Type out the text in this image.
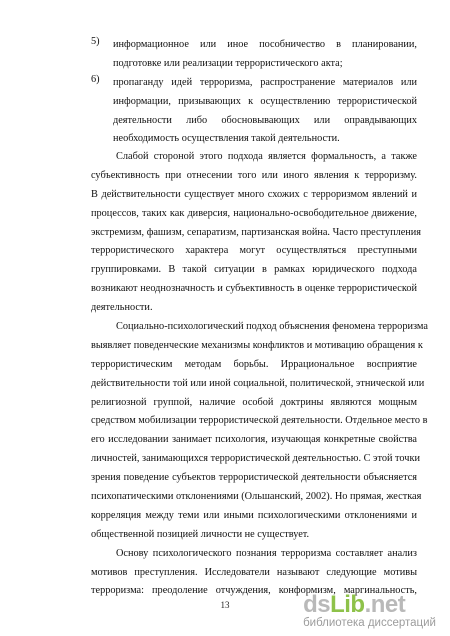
5) информационное или иное пособничество в планировании,
подготовке или реализации террористического акта;
6) пропаганду идей терроризма, распространение материалов или
информации, призывающих к осуществлению террористической
деятельности либо обосновывающих или оправдывающих
необходимость осуществления такой деятельности.
Слабой стороной этого подхода является формальность, а также
субъективность при отнесении того или иного явления к терроризму.
В действительности существует много схожих с терроризмом явлений и
процессов, таких как диверсия, национально-освободительное движение,
экстремизм, фашизм, сепаратизм, партизанская война. Часто преступления
террористического характера могут осуществляться преступными
группировками. В такой ситуации в рамках юридического подхода
возникают неоднозначность и субъективность в оценке террористической
деятельности.
Социально-психологический подход объяснения феномена терроризма
выявляет поведенческие механизмы конфликтов и мотивацию обращения к
террористическим методам борьбы. Иррациональное восприятие
действительности той или иной социальной, политической, этнической или
религиозной группой, наличие особой доктрины являются мощным
средством мобилизации террористической деятельности. Отдельное место в
его исследовании занимает психология, изучающая конкретные свойства
личностей, занимающихся террористической деятельностью. С этой точки
зрения поведение субъектов террористической деятельности объясняется
психопатическими отклонениями (Ольшанский, 2002). Но прямая, жесткая
корреляция между теми или иными психологическими отклонениями и
общественной позицией личности не существует.
Основу психологического познания терроризма составляет анализ
мотивов преступления. Исследователи называют следующие мотивы
терроризма: преодоление отчуждения, конформизм, маргинальность,
13	dsLib.net
библиотека диссертаций
